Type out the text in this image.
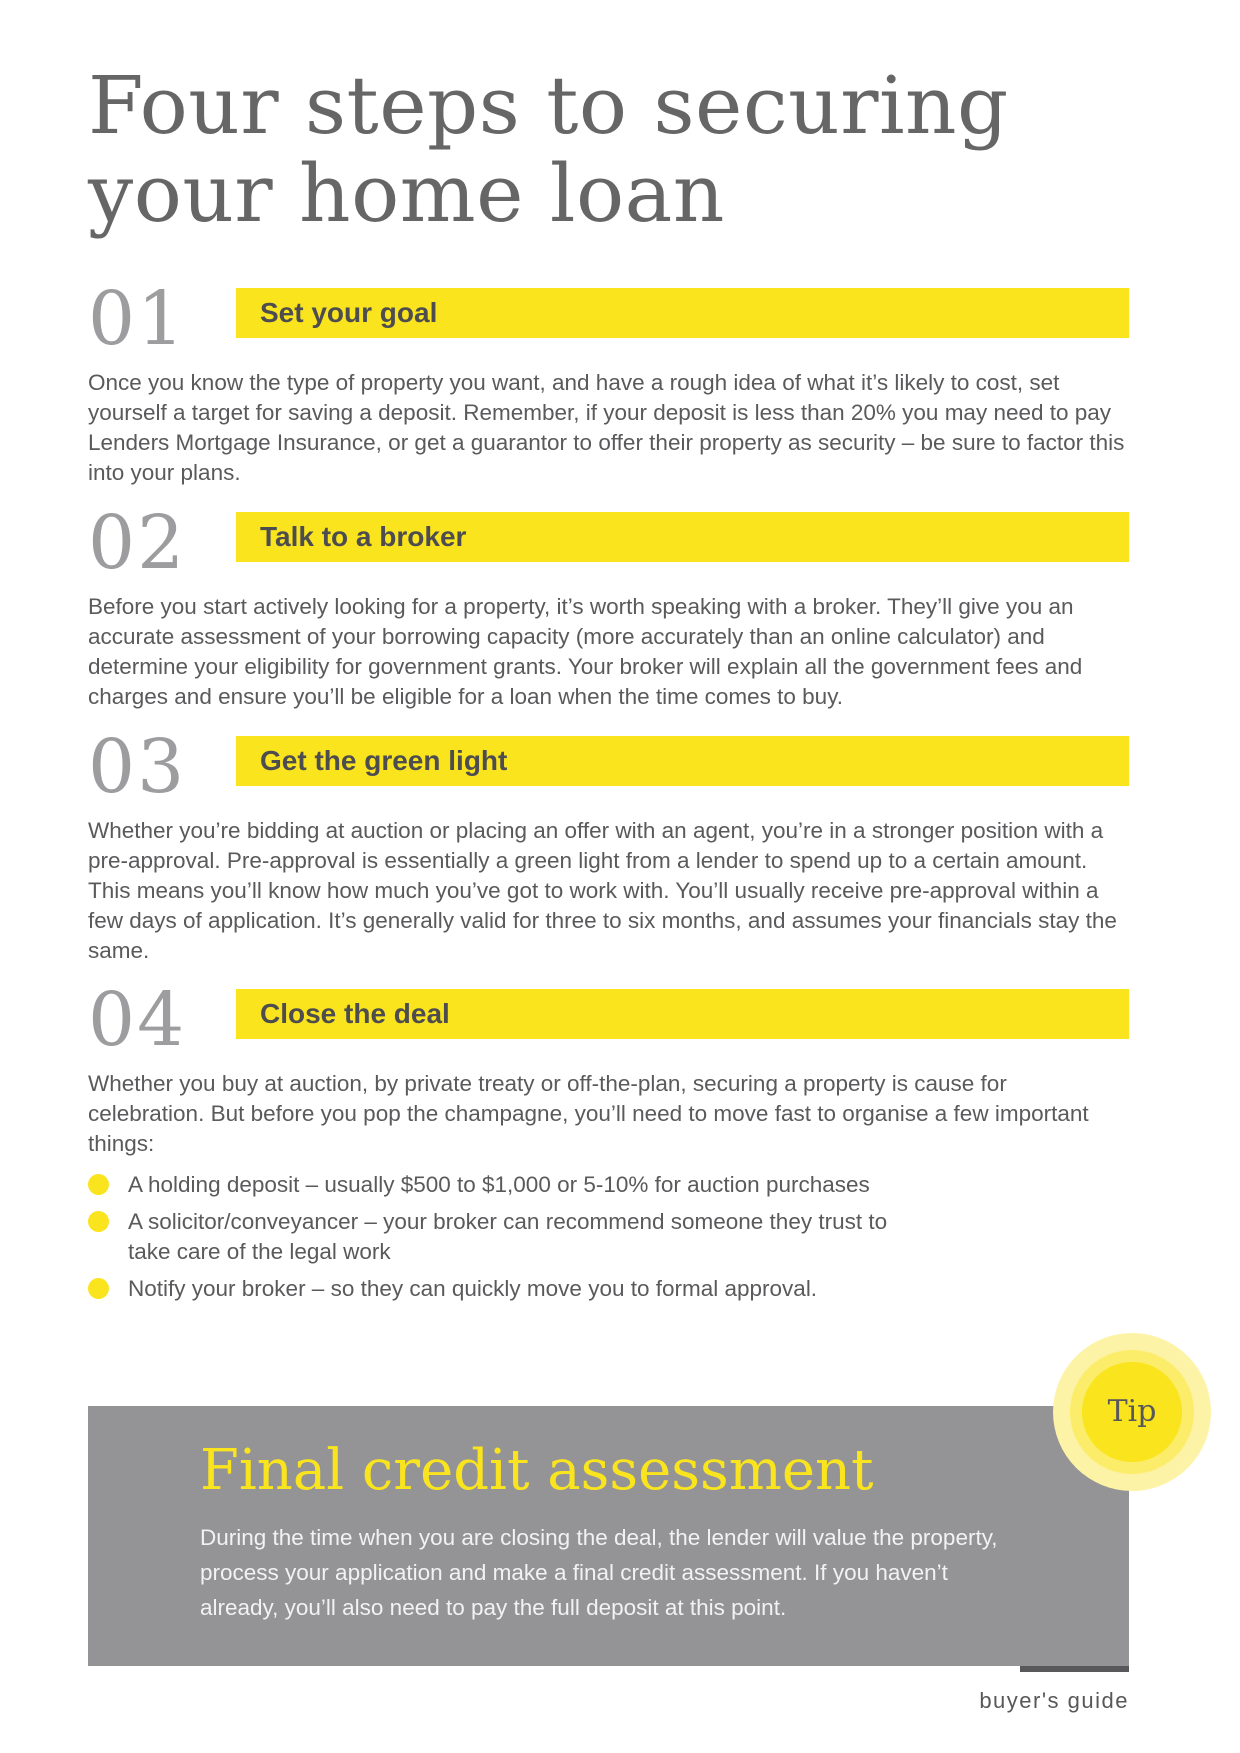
Four steps to securing
your home loan
01	Set your goal

Once you know the type of property you want, and have a rough idea of what it’s likely to cost, set yourself a target for saving a deposit. Remember, if your deposit is less than 20% you may need to pay Lenders Mortgage Insurance, or get a guarantor to offer their property as security – be sure to factor this into your plans.

02	Talk to a broker

Before you start actively looking for a property, it’s worth speaking with a broker. They’ll give you an accurate assessment of your borrowing capacity (more accurately than an online calculator) and determine your eligibility for government grants. Your broker will explain all the government fees and charges and ensure you’ll be eligible for a loan when the time comes to buy.

03	Get the green light

Whether you’re bidding at auction or placing an offer with an agent, you’re in a stronger position with a pre-approval. Pre-approval is essentially a green light from a lender to spend up to a certain amount. This means you’ll know how much you’ve got to work with. You’ll usually receive pre-approval within a few days of application. It’s generally valid for three to six months, and assumes your financials stay the same.

04	Close the deal

Whether you buy at auction, by private treaty or off-the-plan, securing a property is cause for celebration. But before you pop the champagne, you’ll need to move fast to organise a few important things:

A holding deposit – usually $500 to $1,000 or 5-10% for auction purchases
A solicitor/conveyancer – your broker can recommend someone they trust to take care of the legal work
Notify your broker – so they can quickly move you to formal approval.
Final credit assessment

During the time when you are closing the deal, the lender will value the property, process your application and make a final credit assessment. If you haven’t already, you’ll also need to pay the full deposit at this point.

Tip
buyer's guide
